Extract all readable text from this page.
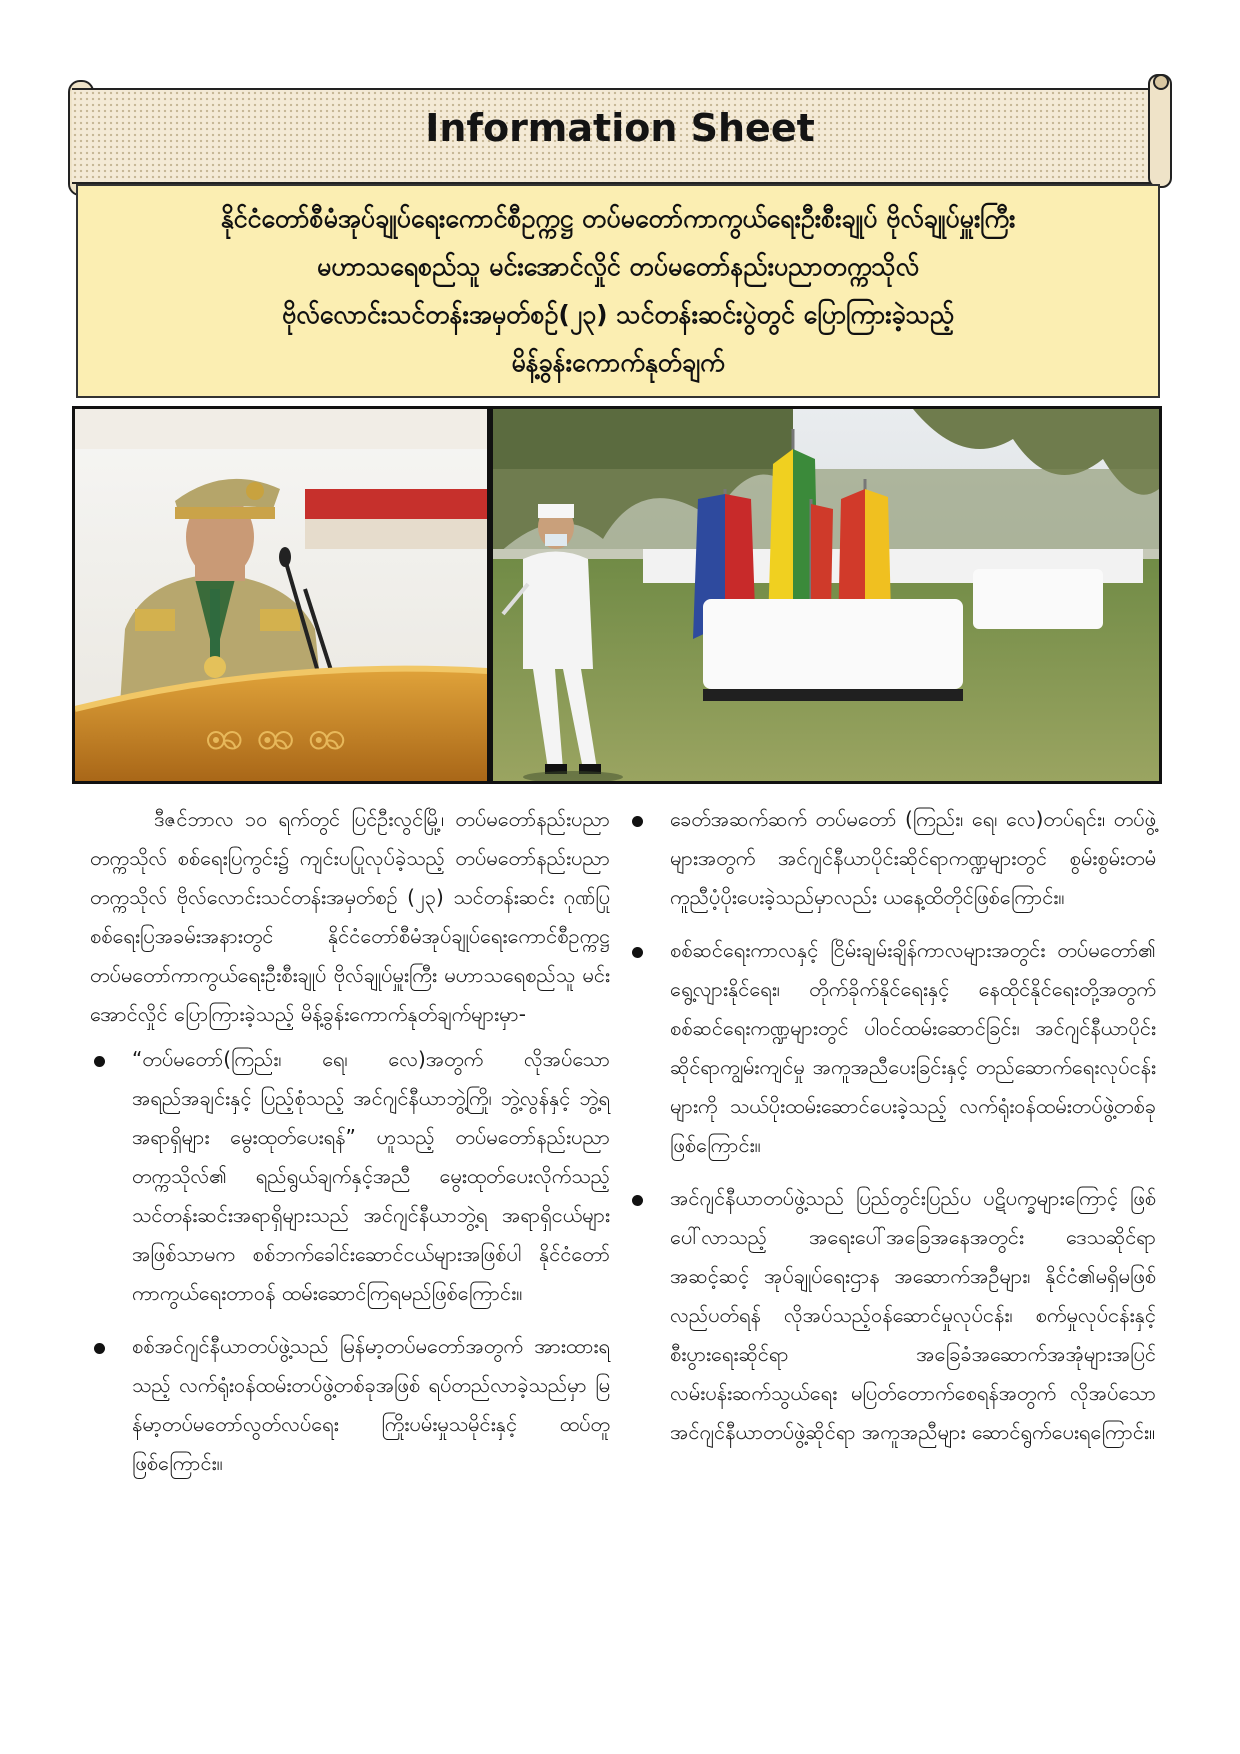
Information Sheet
နိုင်ငံတော်စီမံအုပ်ချုပ်ရေးကောင်စီဥက္ကဋ္ဌ တပ်မတော်ကာကွယ်ရေးဦးစီးချုပ် ဗိုလ်ချုပ်မှူးကြီး
မဟာသရေစည်သူ မင်းအောင်လှိုင် တပ်မတော်နည်းပညာတက္ကသိုလ်
ဗိုလ်လောင်းသင်တန်းအမှတ်စဉ်(၂၃) သင်တန်းဆင်းပွဲတွင် ပြောကြားခဲ့သည့်
မိန့်ခွန်းကောက်နုတ်ချက်
ꩩ ꩩ ꩩ

ဒီဇင်ဘာလ ၁၀ ရက်တွင် ပြင်ဦးလွင်မြို့၊ တပ်မတော်နည်းပညာတက္ကသိုလ် စစ်ရေးပြကွင်း၌ ကျင်းပပြုလုပ်ခဲ့သည့် တပ်မတော်နည်းပညာတက္ကသိုလ် ဗိုလ်လောင်းသင်တန်းအမှတ်စဉ် (၂၃) သင်တန်းဆင်း ဂုဏ်ပြုစစ်ရေးပြအခမ်းအနားတွင် နိုင်ငံတော်စီမံအုပ်ချုပ်ရေးကောင်စီဥက္ကဋ္ဌ တပ်မတော်ကာကွယ်ရေးဦးစီးချုပ် ဗိုလ်ချုပ်မှူးကြီး မဟာသရေစည်သူ မင်းအောင်လှိုင် ပြောကြားခဲ့သည့် မိန့်ခွန်းကောက်နုတ်ချက်များမှာ-

“တပ်မတော်(ကြည်း၊ ရေ၊ လေ)အတွက် လိုအပ်သော အရည်အချင်းနှင့် ပြည့်စုံသည့် အင်ဂျင်နီယာဘွဲ့ကြို၊ ဘွဲ့လွန်နှင့် ဘွဲ့ရအရာရှိများ မွေးထုတ်ပေးရန်” ဟူသည့် တပ်မတော်နည်းပညာတက္ကသိုလ်၏ ရည်ရွယ်ချက်နှင့်အညီ မွေးထုတ်ပေးလိုက်သည့် သင်တန်းဆင်းအရာရှိများသည် အင်ဂျင်နီယာဘွဲ့ရ အရာရှိငယ်များအဖြစ်သာမက စစ်ဘက်ခေါင်းဆောင်ငယ်များအဖြစ်ပါ နိုင်ငံတော်ကာကွယ်ရေးတာဝန် ထမ်းဆောင်ကြရမည်ဖြစ်ကြောင်း။
စစ်အင်ဂျင်နီယာတပ်ဖွဲ့သည် မြန်မာ့တပ်မတော်အတွက် အားထားရသည့် လက်ရုံးဝန်ထမ်းတပ်ဖွဲ့တစ်ခုအဖြစ် ရပ်တည်လာခဲ့သည်မှာ မြန်မာ့တပ်မတော်လွတ်လပ်ရေး ကြိုးပမ်းမှုသမိုင်းနှင့် ထပ်တူဖြစ်ကြောင်း။
ခေတ်အဆက်ဆက် တပ်မတော် (ကြည်း၊ ရေ၊ လေ)တပ်ရင်း၊ တပ်ဖွဲ့များအတွက် အင်ဂျင်နီယာပိုင်းဆိုင်ရာကဏ္ဍများတွင် စွမ်းစွမ်းတမံ ကူညီပံ့ပိုးပေးခဲ့သည်မှာလည်း ယနေ့ထိတိုင်ဖြစ်ကြောင်း။
စစ်ဆင်ရေးကာလနှင့် ငြိမ်းချမ်းချိန်ကာလများအတွင်း တပ်မတော်၏ ရွေ့လျားနိုင်ရေး၊ တိုက်ခိုက်နိုင်ရေးနှင့် နေထိုင်နိုင်ရေးတို့အတွက် စစ်ဆင်ရေးကဏ္ဍများတွင် ပါဝင်ထမ်းဆောင်ခြင်း၊ အင်ဂျင်နီယာပိုင်းဆိုင်ရာကျွမ်းကျင်မှု အကူအညီပေးခြင်းနှင့် တည်ဆောက်ရေးလုပ်ငန်းများကို သယ်ပိုးထမ်းဆောင်ပေးခဲ့သည့် လက်ရုံးဝန်ထမ်းတပ်ဖွဲ့တစ်ခု ဖြစ်ကြောင်း။
အင်ဂျင်နီယာတပ်ဖွဲ့သည် ပြည်တွင်းပြည်ပ ပဋိပက္ခများကြောင့် ဖြစ်ပေါ်လာသည့် အရေးပေါ်အခြေအနေအတွင်း ဒေသဆိုင်ရာအဆင့်ဆင့် အုပ်ချုပ်ရေးဌာန အဆောက်အဦများ၊ နိုင်ငံ၏မရှိမဖြစ်လည်ပတ်ရန် လိုအပ်သည့်ဝန်ဆောင်မှုလုပ်ငန်း၊ စက်မှုလုပ်ငန်းနှင့် စီးပွားရေးဆိုင်ရာ အခြေခံအဆောက်အအုံများအပြင် လမ်းပန်းဆက်သွယ်ရေး မပြတ်တောက်စေရန်အတွက် လိုအပ်သော အင်ဂျင်နီယာတပ်ဖွဲ့ဆိုင်ရာ အကူအညီများ ဆောင်ရွက်ပေးရကြောင်း။
